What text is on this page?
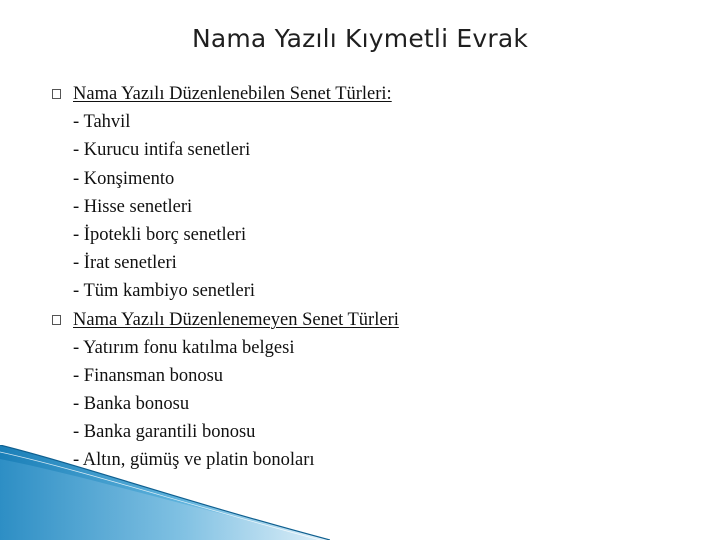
Nama Yazılı Kıymetli Evrak
Nama Yazılı Düzenlenebilen Senet Türleri:
- Tahvil
- Kurucu intifa senetleri
- Konşimento
- Hisse senetleri
- İpotekli borç senetleri
- İrat senetleri
- Tüm kambiyo senetleri
Nama Yazılı Düzenlenemeyen Senet Türleri
- Yatırım fonu katılma belgesi
- Finansman bonosu
- Banka bonosu
- Banka garantili bonosu
- Altın, gümüş ve platin bonoları
